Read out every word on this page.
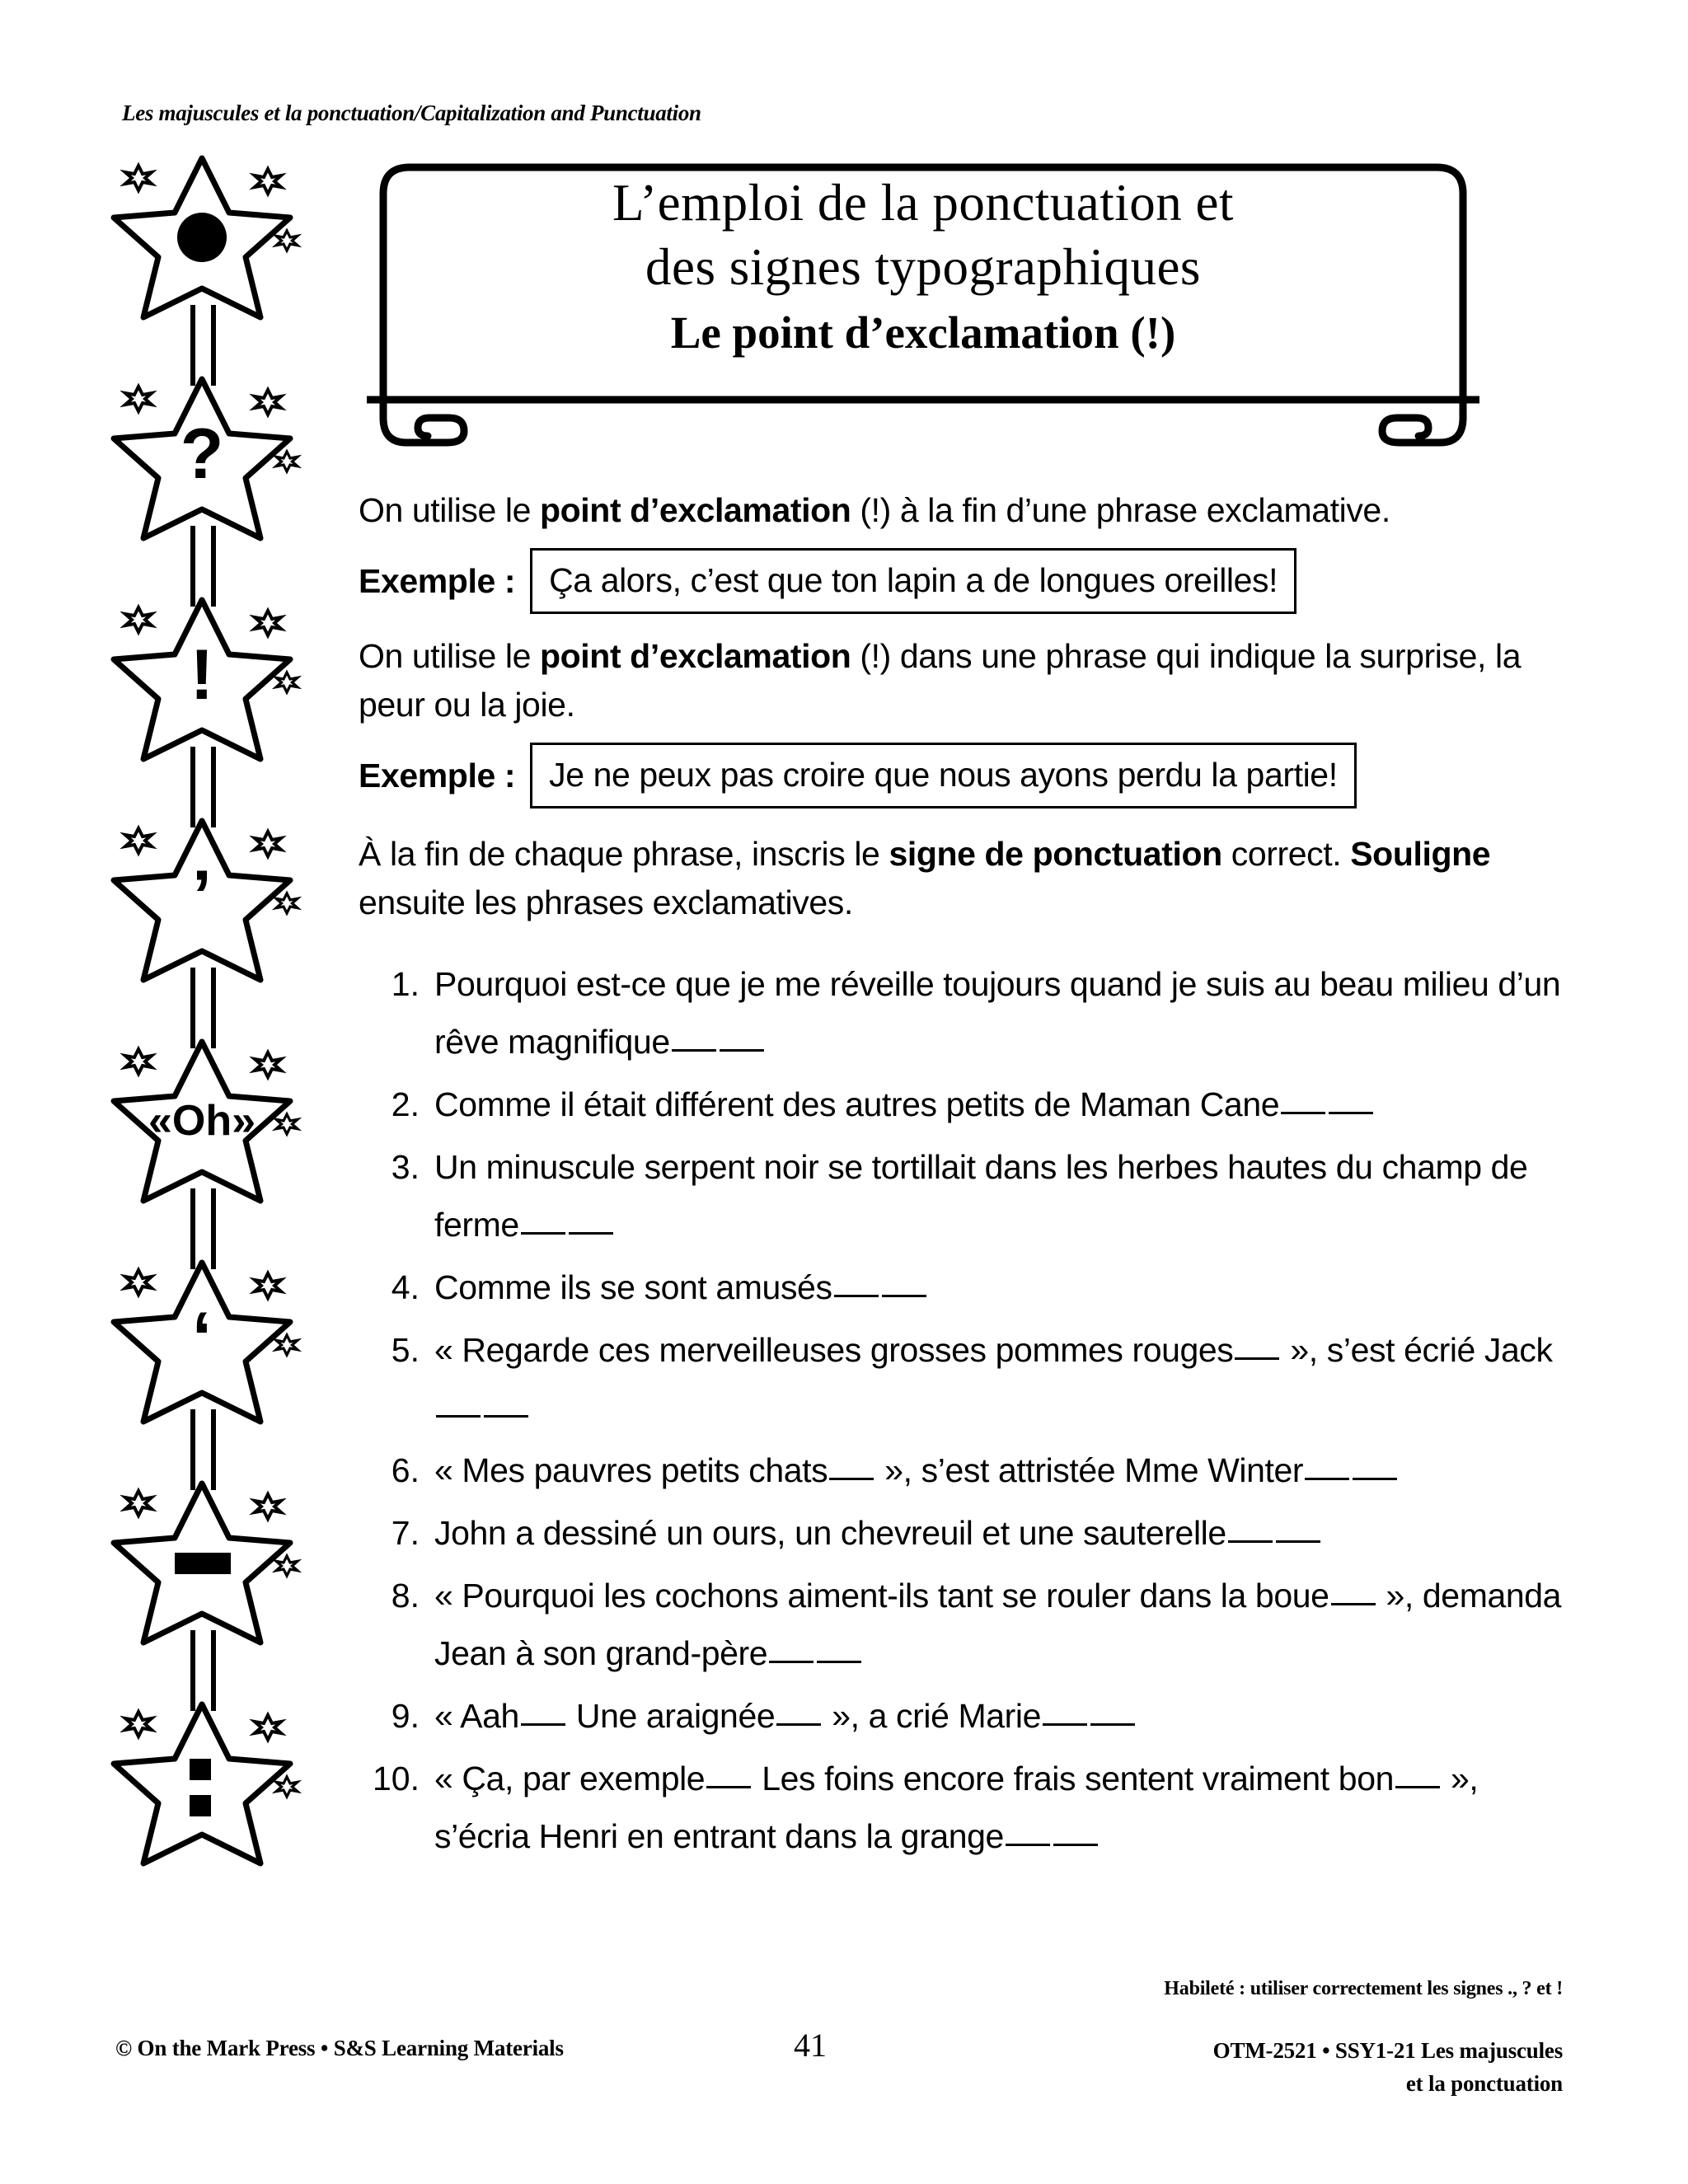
Les majuscules et la ponctuation/Capitalization and Punctuation
?
!
’
«Oh»
‘
L’emploi de la ponctuation et
des signes typographiques
Le point d’exclamation (!)

On utilise le point d’exclamation (!) à la fin d’une phrase exclamative.

Exemple :	Ça alors, c’est que ton lapin a de longues oreilles!

On utilise le point d’exclamation (!) dans une phrase qui indique la surprise, la peur ou la joie.

Exemple :	Je ne peux pas croire que nous ayons perdu la partie!

À la fin de chaque phrase, inscris le signe de ponctuation correct. Souligne ensuite les phrases exclamatives.

1. Pourquoi est-ce que je me réveille toujours quand je suis au beau milieu d’un rêve magnifique
2. Comme il était différent des autres petits de Maman Cane
3. Un minuscule serpent noir se tortillait dans les herbes hautes du champ de ferme
4. Comme ils se sont amusés
5. « Regarde ces merveilleuses grosses pommes rouges », s’est écrié Jack
6. « Mes pauvres petits chats », s’est attristée Mme Winter
7. John a dessiné un ours, un chevreuil et une sauterelle
8. « Pourquoi les cochons aiment-ils tant se rouler dans la boue », demanda Jean à son grand-père
9. « Aah Une araignée », a crié Marie
10. « Ça, par exemple Les foins encore frais sentent vraiment bon », s’écria Henri en entrant dans la grange
Habileté : utiliser correctement les signes ., ? et !
© On the Mark Press • S&S Learning Materials	41	OTM-2521 • SSY1-21 Les majuscules
et la ponctuation
